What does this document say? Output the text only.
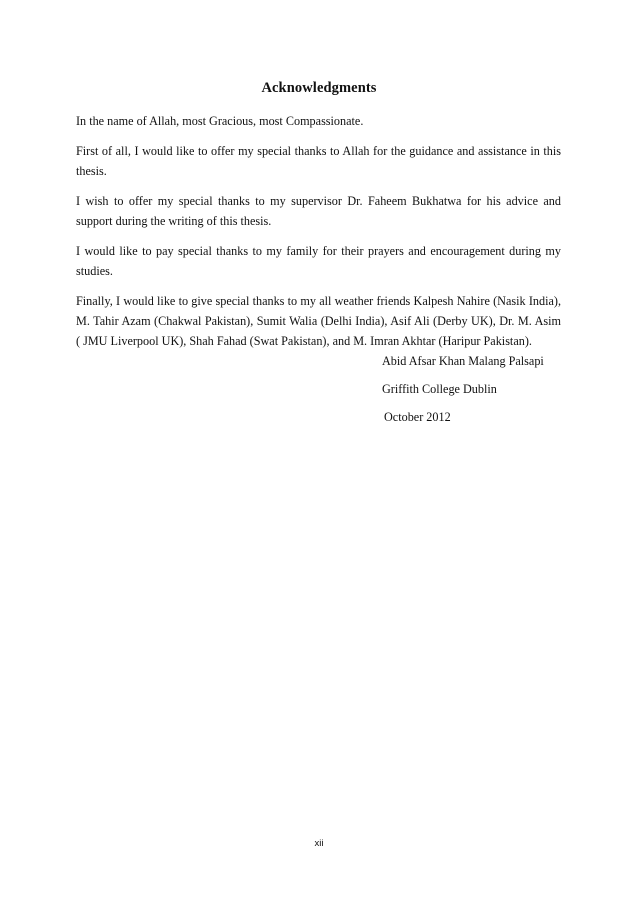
Acknowledgments

In the name of Allah, most Gracious, most Compassionate.

First of all, I would like to offer my special thanks to Allah for the guidance and assistance in this thesis.

I wish to offer my special thanks to my supervisor Dr. Faheem Bukhatwa for his advice and support during the writing of this thesis.

I would like to pay special thanks to my family for their prayers and encouragement during my studies.

Finally, I would like to give special thanks to my all weather friends Kalpesh Nahire (Nasik India), M. Tahir Azam (Chakwal Pakistan), Sumit Walia (Delhi India), Asif Ali (Derby UK), Dr. M. Asim ( JMU Liverpool UK), Shah Fahad (Swat Pakistan), and M. Imran Akhtar (Haripur Pakistan).

Abid Afsar Khan Malang Palsapi
Griffith College Dublin
October 2012
xii
